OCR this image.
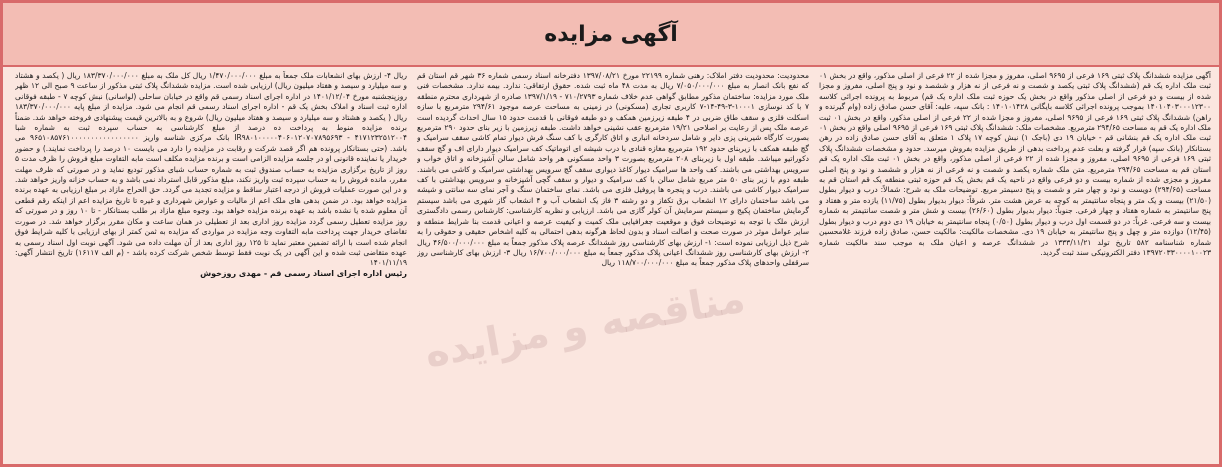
آگهی مزایده

آگهی مزایده ششدانگ پلاک ثبتی ۱۶۹ فرعی از ۹۶۹۵ اصلی، مفروز و مجزا شده از ۲۲ فرعی از اصلی مذکور، واقع در بخش ۰۱ ثبت ملک اداره یک قم (ششدانگ پلاک ثبتی یکصد و شصت و نه فرعی از نه هزار و ششصد و نود و پنج اصلی، مفروز و مجزا شده از بیست و دو فرعی از اصلی مذکور واقع در بخش یک حوزه ثبت ملک اداره یک قم) مربوط به پرونده اجرائی کلاسه ۱۴۰۱۰۴۰۳۰۰۰۱۲۳۰۰ بموجب پرونده اجرائی کلاسه بایگانی ۱۴۰۱۰۱۴۲۸ : بانک سپه، علیه: آقای حسن صادق زاده (وام گیرنده و راهن) ششدانگ پلاک ثبتی ۱۶۹ فرعی از ۹۶۹۵ اصلی، مفروز و مجزا شده از ۲۲ فرعی از اصلی مذکور، واقع در بخش ۰۱ ثبت ملک اداره یک قم به مساحت ۲۹۴/۶۵ مترمربع. مشخصات ملک: ششدانگ پلاک ثبتی ۱۶۹ فرعی از ۹۶۹۵ اصلی واقع در بخش ۰۱ ثبت ملک اداره یک قم بنشانی قم - خیابان ۱۹ دی (باجک ۱) نبش کوچه ۱۷ پلاک ۱ متعلق به آقای حسن صادق زاده در رهن بستانکار (بانک سپه) قرار گرفته و بعلت عدم پرداخت بدهی از طریق مزایده بفروش میرسد. حدود و مشخصات ششدانگ پلاک ثبتی ۱۶۹ فرعی از ۹۶۹۵ اصلی، مفروز و مجزا شده از ۲۲ فرعی از اصلی مذکور، واقع در بخش ۰۱ ثبت ملک اداره یک قم استان قم به مساحت ۲۹۴/۶۵ مترمربع. متن ملک شماره یکصد و شصت و نه فرعی از نه هزار و ششصد و نود و پنج اصلی مفروز و مجزی شده از شماره بیست و دو فرعی واقع در ناحیه یک قم بخش یک قم حوزه ثبتی منطقه یک قم استان قم به مساحت (۲۹۴/۶۵) دویست و نود و چهار متر و شصت و پنج دسیمتر مربع. توضیحات ملک به شرح: شمالاً: درب و دیوار بطول (۲۱/۵۰) بیست و یک متر و پنجاه سانتیمتر به کوچه به عرض هشت متر. شرقاً: دیوار بدیوار بطول (۱۱/۷۵) یازده متر و هفتاد و پنج سانتیمتر به شماره هفتاد و چهار فرعی. جنوباً: دیوار بدیوار بطول (۲۶/۶۰) بیست و شش متر و شصت سانتیمتر به شماره بیست و سه فرعی. غرباً: در دو قسمت اول درب و دیوار بطول (۰/۵۰) پنجاه سانتیمتر به خیابان ۱۹ دی دوم درب و دیوار بطول (۱۲/۴۵) دوازده متر و چهل و پنج سانتیمتر به خیابان ۱۹ دی. مشخصات مالکیت: مالکیت حسن، صادق زاده فرزند غلامحسین شماره شناسنامه ۵۸۲ تاریخ تولد ۱۳۳۳/۱۱/۲۱ در ششدانگ عرصه و اعیان ملک به موجب سند مالکیت شماره ۱۳۹۷۲۰۳۳۰۰۰۰۱۰۰۲۳ دفتر الکترونیکی سند ثبت گردید.

محدودیت: محدودیت دفتر املاک: رهنی شماره ۲۲۱۹۹ مورخ ۱۳۹۷/۰۸/۲۱ دفترخانه اسناد رسمی شماره ۳۶ شهر قم استان قم که نفع بانک انصار به مبلغ ۷/۰۵۰/۰۰۰/۰۰۰ ریال به مدت ۴۸ ماه ثبت شده. حقوق ارتفاقی: ندارد. بیمه ندارد. مشخصات فنی ملک مورد مزایده: ساختمان مذکور مطابق گواهی عدم خلاف شماره ۷۱۰/۲۷۹۳ - ۱۳۹۷/۱/۱۹ صادره از شهرداری محترم منطقه ۷ با کد نوسازی ۱۰۰۰۱-۳-۴۹-۱۴-۷ کاربری تجاری (مسکونی) در زمینی به مساحت عرصه موجود ۲۹۴/۶۱ مترمربع با سازه اسکلت فلزی و سقف طاق ضربی در ۴ طبقه زیرزمین همکف و دو طبقه فوقانی با قدمت حدود ۱۵ سال احداث گردیده است عرصه ملک پس از رعایت بر اصلاحی ۱۹/۲۱ مترمربع عقب نشینی خواهد داشت. طبقه زیرزمین با زیر بنای حدود ۲۹۰ مترمربع بصورت کارگاه شیرینی پزی دایر و شامل سردخانه انباری و اتاق کارگری با کف سنگ فرش دیوار تمام کاشی سقف سرامیک و گچ طبقه همکف با زیربنای حدود ۱۹۲ مترمربع مغازه قنادی با درب شیشه ای اتوماتیک کف سرامیک دیوار دارای اف و گچ سقف دکوراتیو میباشد. طبقه اول با زیربنای ۲۰۸ مترمربع بصورت ۳ واحد مسکونی هر واحد شامل سالن آشپزخانه و اتاق خواب و سرویس بهداشتی می باشند. کف واحد ها سرامیک دیوار کاغذ دیواری سقف گچ سرویس بهداشتی سرامیک و کاشی می باشند. طبقه دوم با زیر بنای ۵۰ متر مربع شامل سالن با کف سرامیک و دیوار و سقف گچی آشپزخانه و سرویس بهداشتی با کف سرامیک دیوار کاشی می باشند. درب و پنجره ها پروفیل فلزی می باشد. نمای ساختمان سنگ و آجر نمای سه سانتی و شیشه می باشد ساختمان دارای ۱۲ انشعاب برق تکفاز و دو رشته ۳ فاز یک انشعاب آب و ۴ انشعاب گاز شهری می باشد سیستم گرمایش ساختمان پکیج و سیستم سرمایش آن کولر گازی می باشد. ارزیابی و نظریه کارشناسی: کارشناس رسمی دادگستری ارزش ملک با توجه به توضیحات فوق و موقعیت جغرافیایی ملک کمیت و کیفیت عرصه و اعیانی قدمت بنا شرایط منطقه و سایر عوامل موثر در صورت صحت و اصالت اسناد و بدون لحاظ هرگونه بدهی احتمالی به کلیه اشخاص حقیقی و حقوقی را به شرح ذیل ارزیابی نموده است: ۱- ارزش بهای کارشناسی روز ششدانگ عرصه پلاک مذکور جمعاً به مبلغ ۴۶/۵۰۰/۰۰۰/۰۰۰ ریال ۲- ارزش بهای کارشناسی روز ششدانگ اعیانی پلاک مذکور جمعاً به مبلغ ۱۶/۷۰۰/۰۰۰/۰۰۰ ریال ۳- ارزش بهای کارشناسی روز سرقفلی واحدهای پلاک مذکور جمعاً به مبلغ ۱۱۸/۷۰۰/۰۰۰/۰۰۰ ریال

ریال ۴- ارزش بهای انشعابات ملک جمعاً به مبلغ ۱/۴۷۰/۰۰۰/۰۰۰ ریال کل ملک به مبلغ ۱۸۳/۳۷۰/۰۰۰/۰۰۰ ریال ( یکصد و هشتاد و سه میلیارد و سیصد و هفتاد میلیون ریال) ارزیابی شده است. مزایده ششدانگ پلاک ثبتی مذکور از ساعت ۹ صبح الی ۱۲ ظهر روزپنجشنبه مورخ ۱۴۰۱/۱۲/۰۴ در اداره اجرای اسناد رسمی قم واقع در خیابان ساحلی (لواسانی) نبش کوچه ۷ - طبقه فوقانی اداره ثبت اسناد و املاک بخش یک قم - اداره اجرای اسناد رسمی قم انجام می شود. مزایده از مبلغ پایه ۱۸۳/۳۷۰/۰۰۰/۰۰۰ ریال ( یکصد و هشتاد و سه میلیارد و سیصد و هفتاد میلیون ریال) شروع و به بالاترین قیمت پیشنهادی فروخته خواهد شد. ضمناً برنده مزایده منوط به پرداخت ده درصد از مبلغ کارشناسی به حساب سپرده ثبت به شماره شبا IR۹۸۰۱۰۰۰۰۰۴۰۶۰۱۲۰۷۰۷۸۹۵۶۹۳ - ۴۱۷۱۲۳۲۵۱۲۰۰۴ بانک مرکزی شناسه واریز ۹۶۵۱۰۸۵۷۶۱۰۰۰۰۰۰۰۰۰۰۰۰۰۰۰۰۰ می باشد. (حتی بستانکار پرونده هم اگر قصد شرکت و رقابت در مزایده را دارد می بایست ۱۰ درصد را پرداخت نمایند.) و حضور خریدار یا نماینده قانونی او در جلسه مزایده الزامی است و برنده مزایده مکلف است مابه التفاوت مبلغ فروش را ظرف مدت ۵ روز از تاریخ برگزاری مزایده به حساب صندوق ثبت به شماره حساب شبای مذکور تودیع نماید و در صورتی که ظرف مهلت مقرر، مانده فروش را به حساب سپرده ثبت واریز نکند، مبلغ مذکور قابل استرداد نمی باشد و به حساب خزانه واریز خواهد شد. و در این صورت عملیات فروش از درجه اعتبار ساقط و مزایده تجدید می گردد. حق الحراج مازاد بر مبلغ ارزیابی به عهده برنده مزایده خواهد بود. در ضمن بدهی های ملک اعم از مالیات و عوارض شهرداری و غیره تا تاریخ مزایده اعم از اینکه رقم قطعی آن معلوم شده یا نشده باشد به عهده برنده مزایده خواهد بود. وجوه مبلغ مازاد بر طلب بستانکار - تا ۱۰ روز و در صورتی که روز مزایده تعطیل رسمی گردد مزایده روز اداری بعد از تعطیلی در همان ساعت و مکان مقرر برگزار خواهد شد. در صورت تقاضای خریدار جهت پرداخت مابه التفاوت وجه مزایده در مواردی که مزایده به ثمن کمتر از بهای ارزیابی با کلیه شرایط فوق انجام شده است با ارائه تضمین معتبر نماید تا ۱۲۵ روز اداری بعد از آن مهلت داده می شود. آگهی نوبت اول اسناد رسمی به عهده متقاضی ثبت شده و این آگهی در یک نوبت فقط توسط شخص شرکت کرده باشد - (م الف ۱۶۱۱۷) تاریخ انتشار آگهی: ۱۴۰۱/۱۱/۱۹

رئیس اداره اجرای اسناد رسمی قم - مهدی روزخوش

مناقصه و مزایده
